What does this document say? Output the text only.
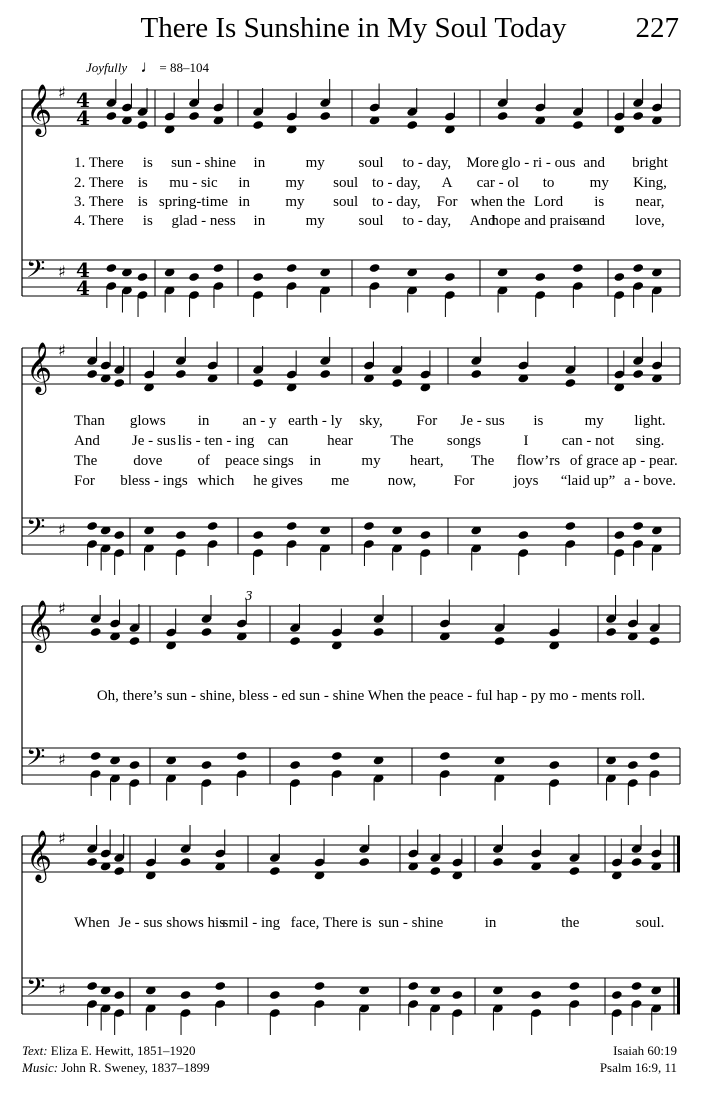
There Is Sunshine in My Soul Today	227
Joyfully ♩ = 88–104
𝄞 ♯ 4
4
𝄢 ♯ 4
4
1. There is sun - shine in	my soul to - day, More glo - ri - ous and bright
2. There is mu - sic in my soul to - day, A car - ol to my King,
3. There is spring-time in my soul to - day, For when the Lord is near,
4. There is glad - ness in	my soul to - day, And
hope and praise
and love,
𝄞 ♯
𝄢 ♯
Than glows in an - y earth - ly sky, For Je - sus is	my light.
And Je - sus lis - ten - ing can	hear The songs	I can - not sing.
The dove of peace sings in	my heart, The flow’rs of grace ap - pear.
For bless - ings which he gives me	now, For	joys “laid up” a - bove.
𝄞 ♯
𝄢 ♯
3
Oh, there’s sun - shine, bless - ed sun - shine When the peace - ful hap - py mo - ments roll.
𝄞 ♯
𝄢 ♯
When Je - sus shows his
smil - ing face, There is sun - shine	in	the	soul.
Text: Eliza E. Hewitt, 1851–1920
Music: John R. Sweney, 1837–1899
Isaiah 60:19
Psalm 16:9, 11
